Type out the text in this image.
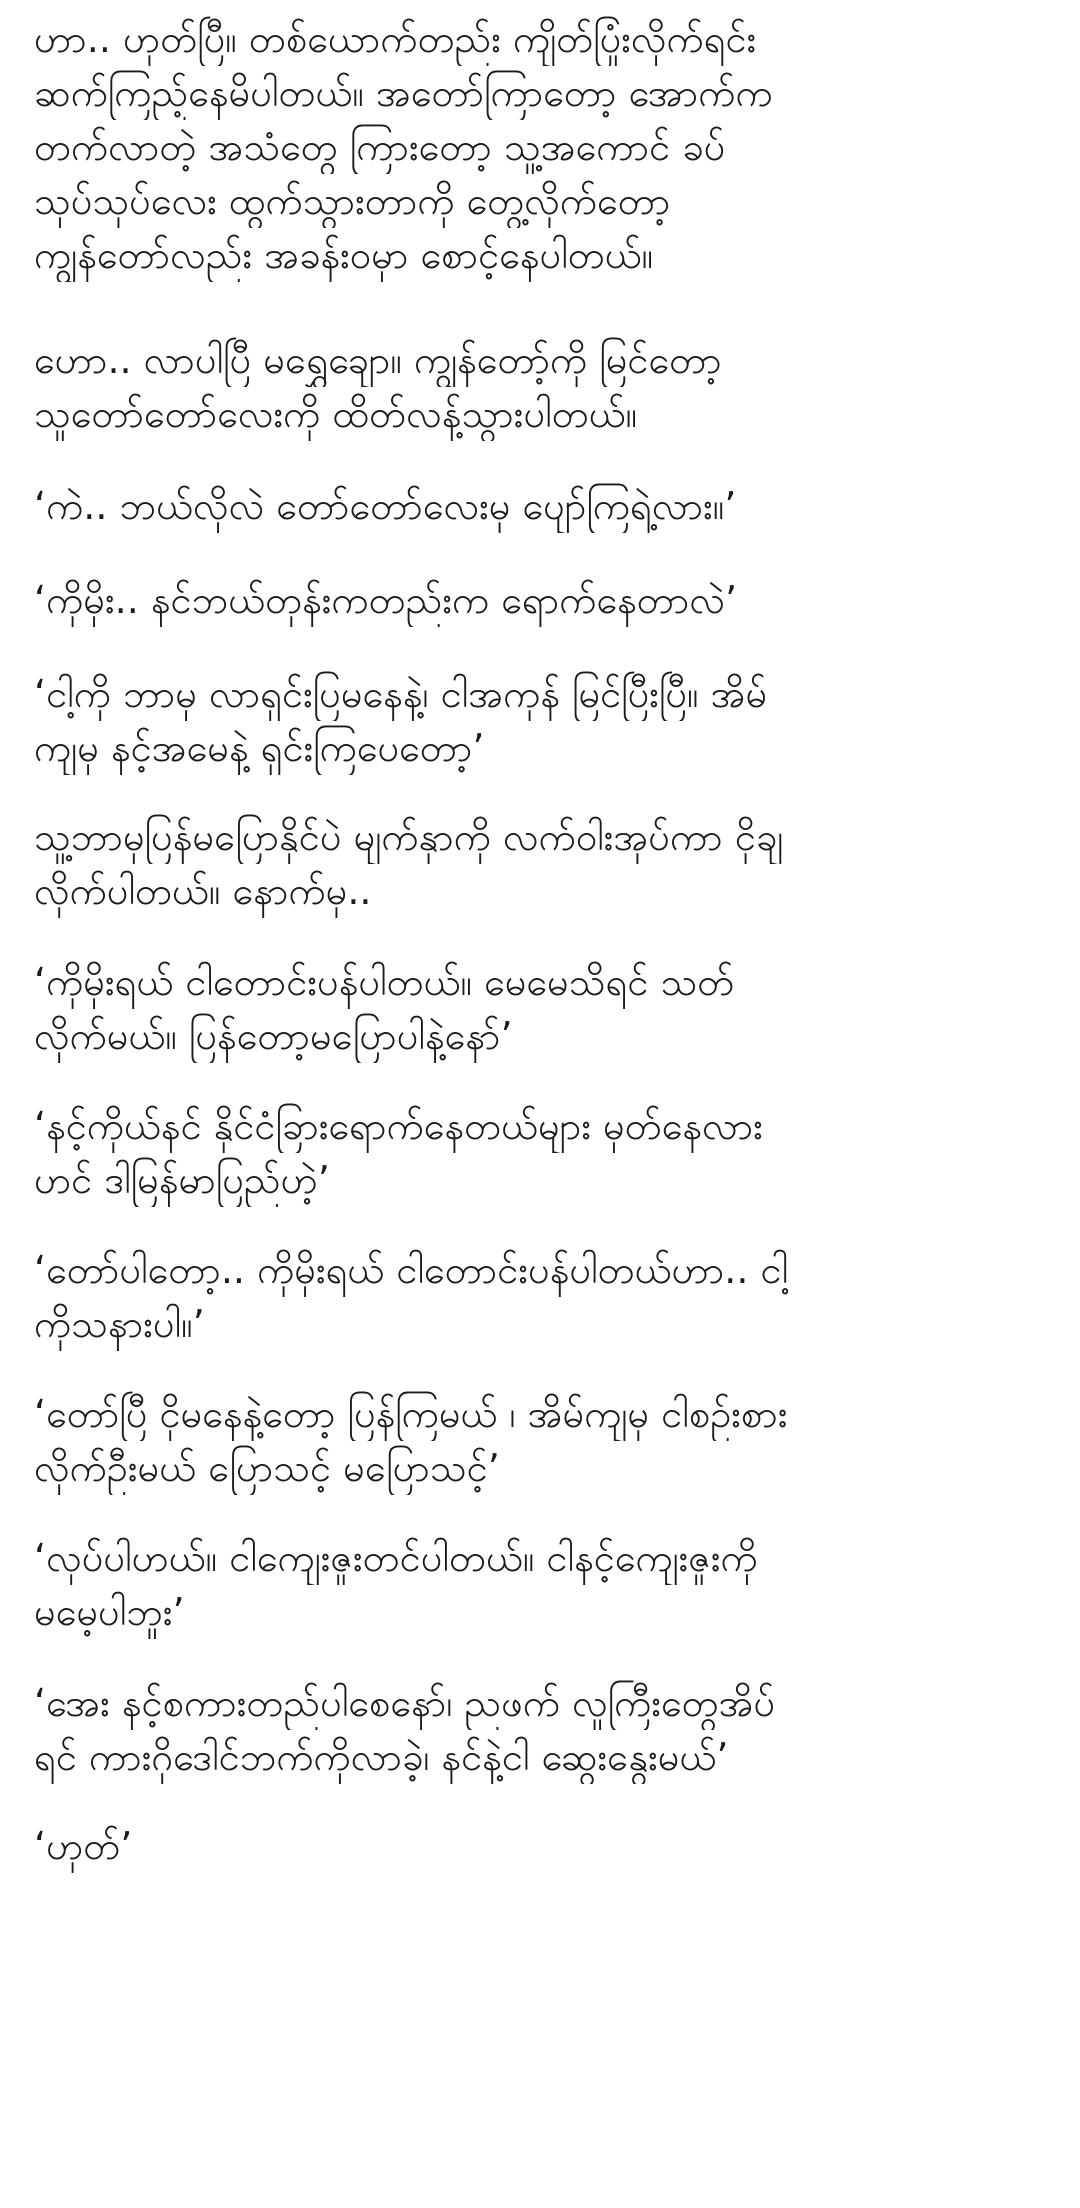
ဟာ.. ဟုတ်ပြီ။ တစ်ယောက်တည်း ကျိတ်ပြုံးလိုက်ရင်း
ဆက်ကြည့်နေမိပါတယ်။ အတော်ကြာတော့ အောက်က
တက်လာတဲ့ အသံတွေ ကြားတော့ သူ့အကောင် ခပ်
သုပ်သုပ်လေး ထွက်သွားတာကို တွေ့လိုက်တော့
ကျွန်တော်လည်း အခန်းဝမှာ စောင့်နေပါတယ်။
ဟော.. လာပါပြီ မရွှေချော။ ကျွန်တော့်ကို မြင်တော့
သူတော်တော်လေးကို ထိတ်လန့်သွားပါတယ်။
‘ကဲ.. ဘယ်လိုလဲ တော်တော်လေးမှ ပျော်ကြရဲ့လား။’
‘ကိုမိုး.. နင်ဘယ်တုန်းကတည်းက ရောက်နေတာလဲ’
‘ငါ့ကို ဘာမှ လာရှင်းပြမနေနဲ့၊ ငါအကုန် မြင်ပြီးပြီ။ အိမ်
ကျမှ နင့်အမေနဲ့ ရှင်းကြပေတော့’
သူ့ဘာမှပြန်မပြောနိုင်ပဲ မျက်နှာကို လက်ဝါးအုပ်ကာ ငိုချ
လိုက်ပါတယ်။ နောက်မှ..
‘ကိုမိုးရယ် ငါတောင်းပန်ပါတယ်။ မေမေသိရင် သတ်
လိုက်မယ်။ ပြန်တော့မပြောပါနဲ့နော်’
‘နင့်ကိုယ်နင် နိုင်ငံခြားရောက်နေတယ်များ မှတ်နေလား
ဟင် ဒါမြန်မာပြည်ဟဲ့’
‘တော်ပါတော့.. ကိုမိုးရယ် ငါတောင်းပန်ပါတယ်ဟာ.. ငါ့
ကိုသနားပါ။’
‘တော်ပြီ ငိုမနေနဲ့တော့ ပြန်ကြမယ် ၊ အိမ်ကျမှ ငါစဉ်းစား
လိုက်ဦးမယ် ပြောသင့် မပြောသင့်’
‘လုပ်ပါဟယ်။ ငါကျေးဇူးတင်ပါတယ်။ ငါနင့်ကျေးဇူးကို
မမေ့ပါဘူး’
‘အေး နင့်စကားတည်ပါစေနော်၊ ညဖက် လူကြီးတွေအိပ်
ရင် ကားဂိုဒေါင်ဘက်ကိုလာခဲ့၊ နင်နဲ့ငါ ဆွေးနွေးမယ်’
‘ဟုတ်’
